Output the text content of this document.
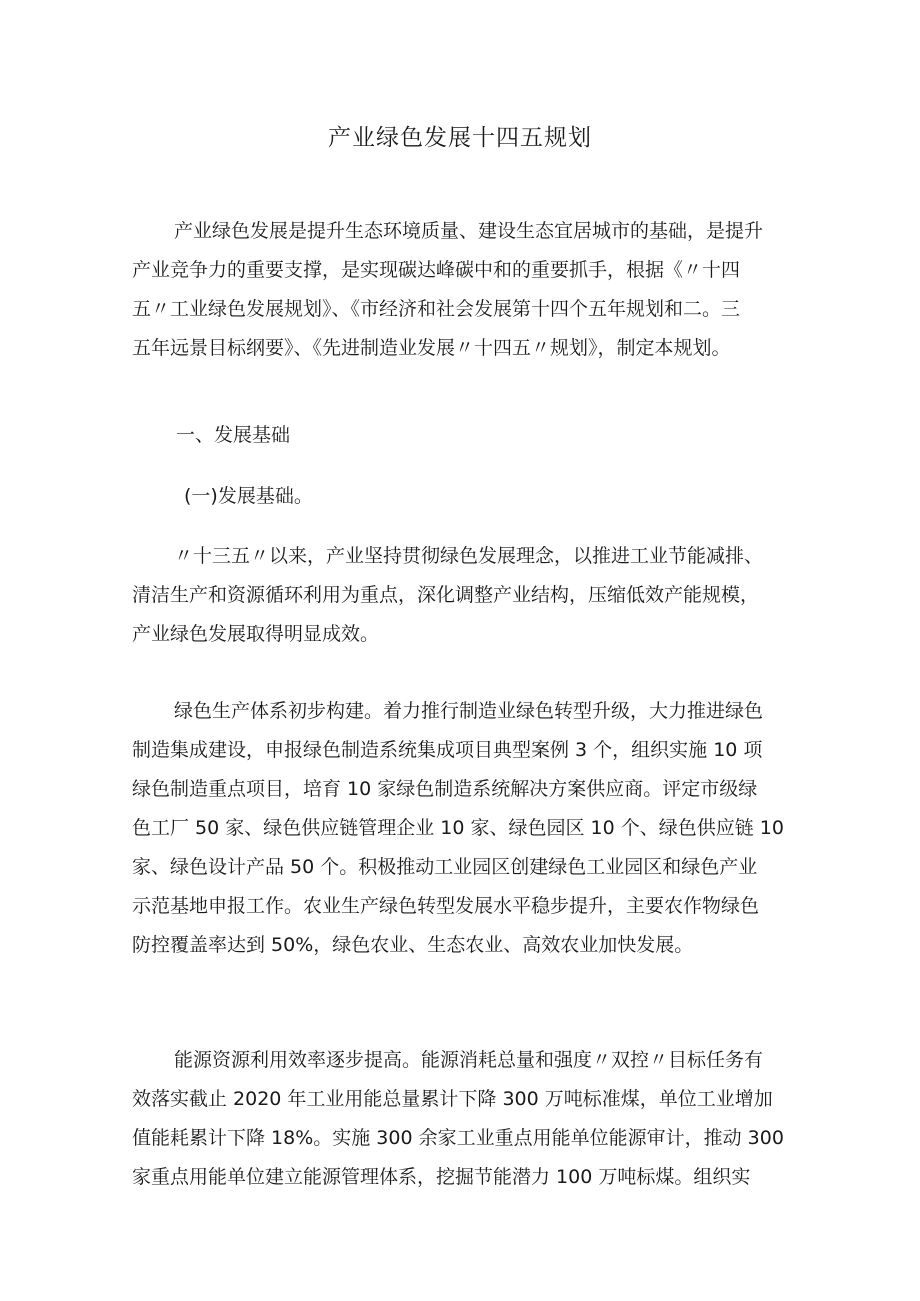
产业绿色发展十四五规划

产业绿色发展是提升生态环境质量、建设生态宜居城市的基础，是提升
产业竞争力的重要支撑，是实现碳达峰碳中和的重要抓手，根据《〃十四
五〃工业绿色发展规划》、《市经济和社会发展第十四个五年规划和二。三
五年远景目标纲要》、《先进制造业发展〃十四五〃规划》，制定本规划。

一、发展基础
(一)发展基础。

〃十三五〃以来，产业坚持贯彻绿色发展理念，以推进工业节能减排、
清洁生产和资源循环利用为重点，深化调整产业结构，压缩低效产能规模，
产业绿色发展取得明显成效。

绿色生产体系初步构建。着力推行制造业绿色转型升级，大力推进绿色
制造集成建设，申报绿色制造系统集成项目典型案例 3 个，组织实施 10 项
绿色制造重点项目，培育 10 家绿色制造系统解决方案供应商。评定市级绿
色工厂 50 家、绿色供应链管理企业 10 家、绿色园区 10 个、绿色供应链 10
家、绿色设计产品 50 个。积极推动工业园区创建绿色工业园区和绿色产业
示范基地申报工作。农业生产绿色转型发展水平稳步提升，主要农作物绿色
防控覆盖率达到 50%，绿色农业、生态农业、高效农业加快发展。

能源资源利用效率逐步提高。能源消耗总量和强度〃双控〃目标任务有
效落实截止 2020 年工业用能总量累计下降 300 万吨标准煤，单位工业增加
值能耗累计下降 18%。实施 300 余家工业重点用能单位能源审计，推动 300
家重点用能单位建立能源管理体系，挖掘节能潜力 100 万吨标煤。组织实
